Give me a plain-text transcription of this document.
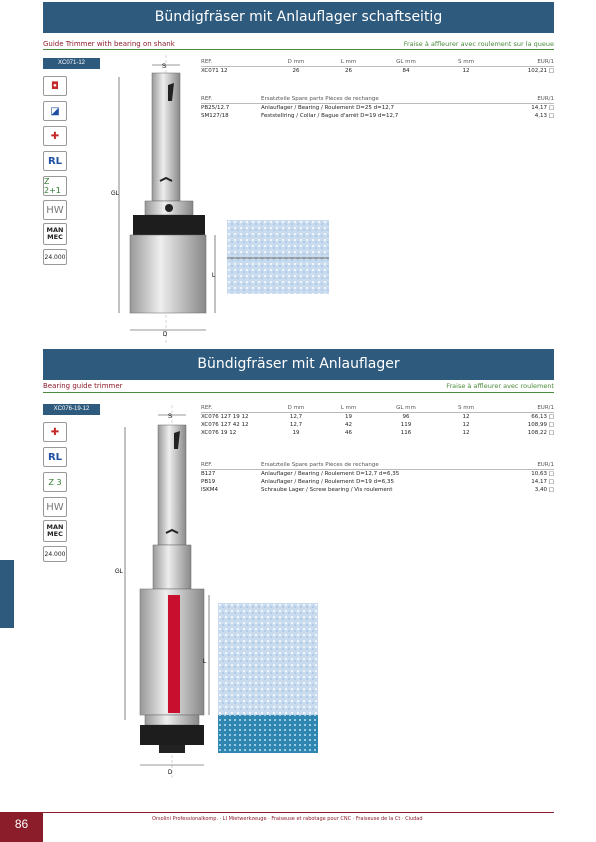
Bündigfräser mit Anlauflager schaftseitig
Guide Trimmer with bearing on shank	Fraise à affleurer avec roulement sur la queue
XC071-12
◘
◪
✚
RL
Z 2+1
HW
MAN MEC
24.000
S
GL
L
D
REF.	D mm	L mm	GL mm	S mm	EUR/1
XC071 12	26	26	84	12	102,21 □
REF.	Ersatzteile Spare parts Pièces de rechange	EUR/1
PB25/12.7	Anlauflager / Bearing / Roulement D=25 d=12,7	14,17 □
SM127/18	Feststellring / Collar / Bague d'arrêt D=19 d=12,7	4,13 □
Bündigfräser mit Anlauflager
Bearing guide trimmer	Fraise à affleurer avec roulement
XC076-19-12
✚
RL
Z 3
HW
MAN MEC
24.000
S
GL
L
D
REF.	D mm	L mm	GL mm	S mm	EUR/1
XC076 127 19 12	12,7	19	96	12	66,13 □
XC076 127 42 12	12,7	42	119	12	108,99 □
XC076 19 12	19	46	116	12	108,22 □
REF.	Ersatzteile Spare parts Pièces de rechange	EUR/1
B127	Anlauflager / Bearing / Roulement D=12,7 d=6,35	10,63 □
PB19	Anlauflager / Bearing / Roulement D=19 d=6,35	14,17 □
ISKM4	Schraube Lager / Screw bearing / Vis roulement	3,40 □
86	Orsolini Professionalkomp. · Ll Mietwerkzeuge · Fraiseuse et rabotage pour CNC · Fraiseuse de la Ct · Ciudad
